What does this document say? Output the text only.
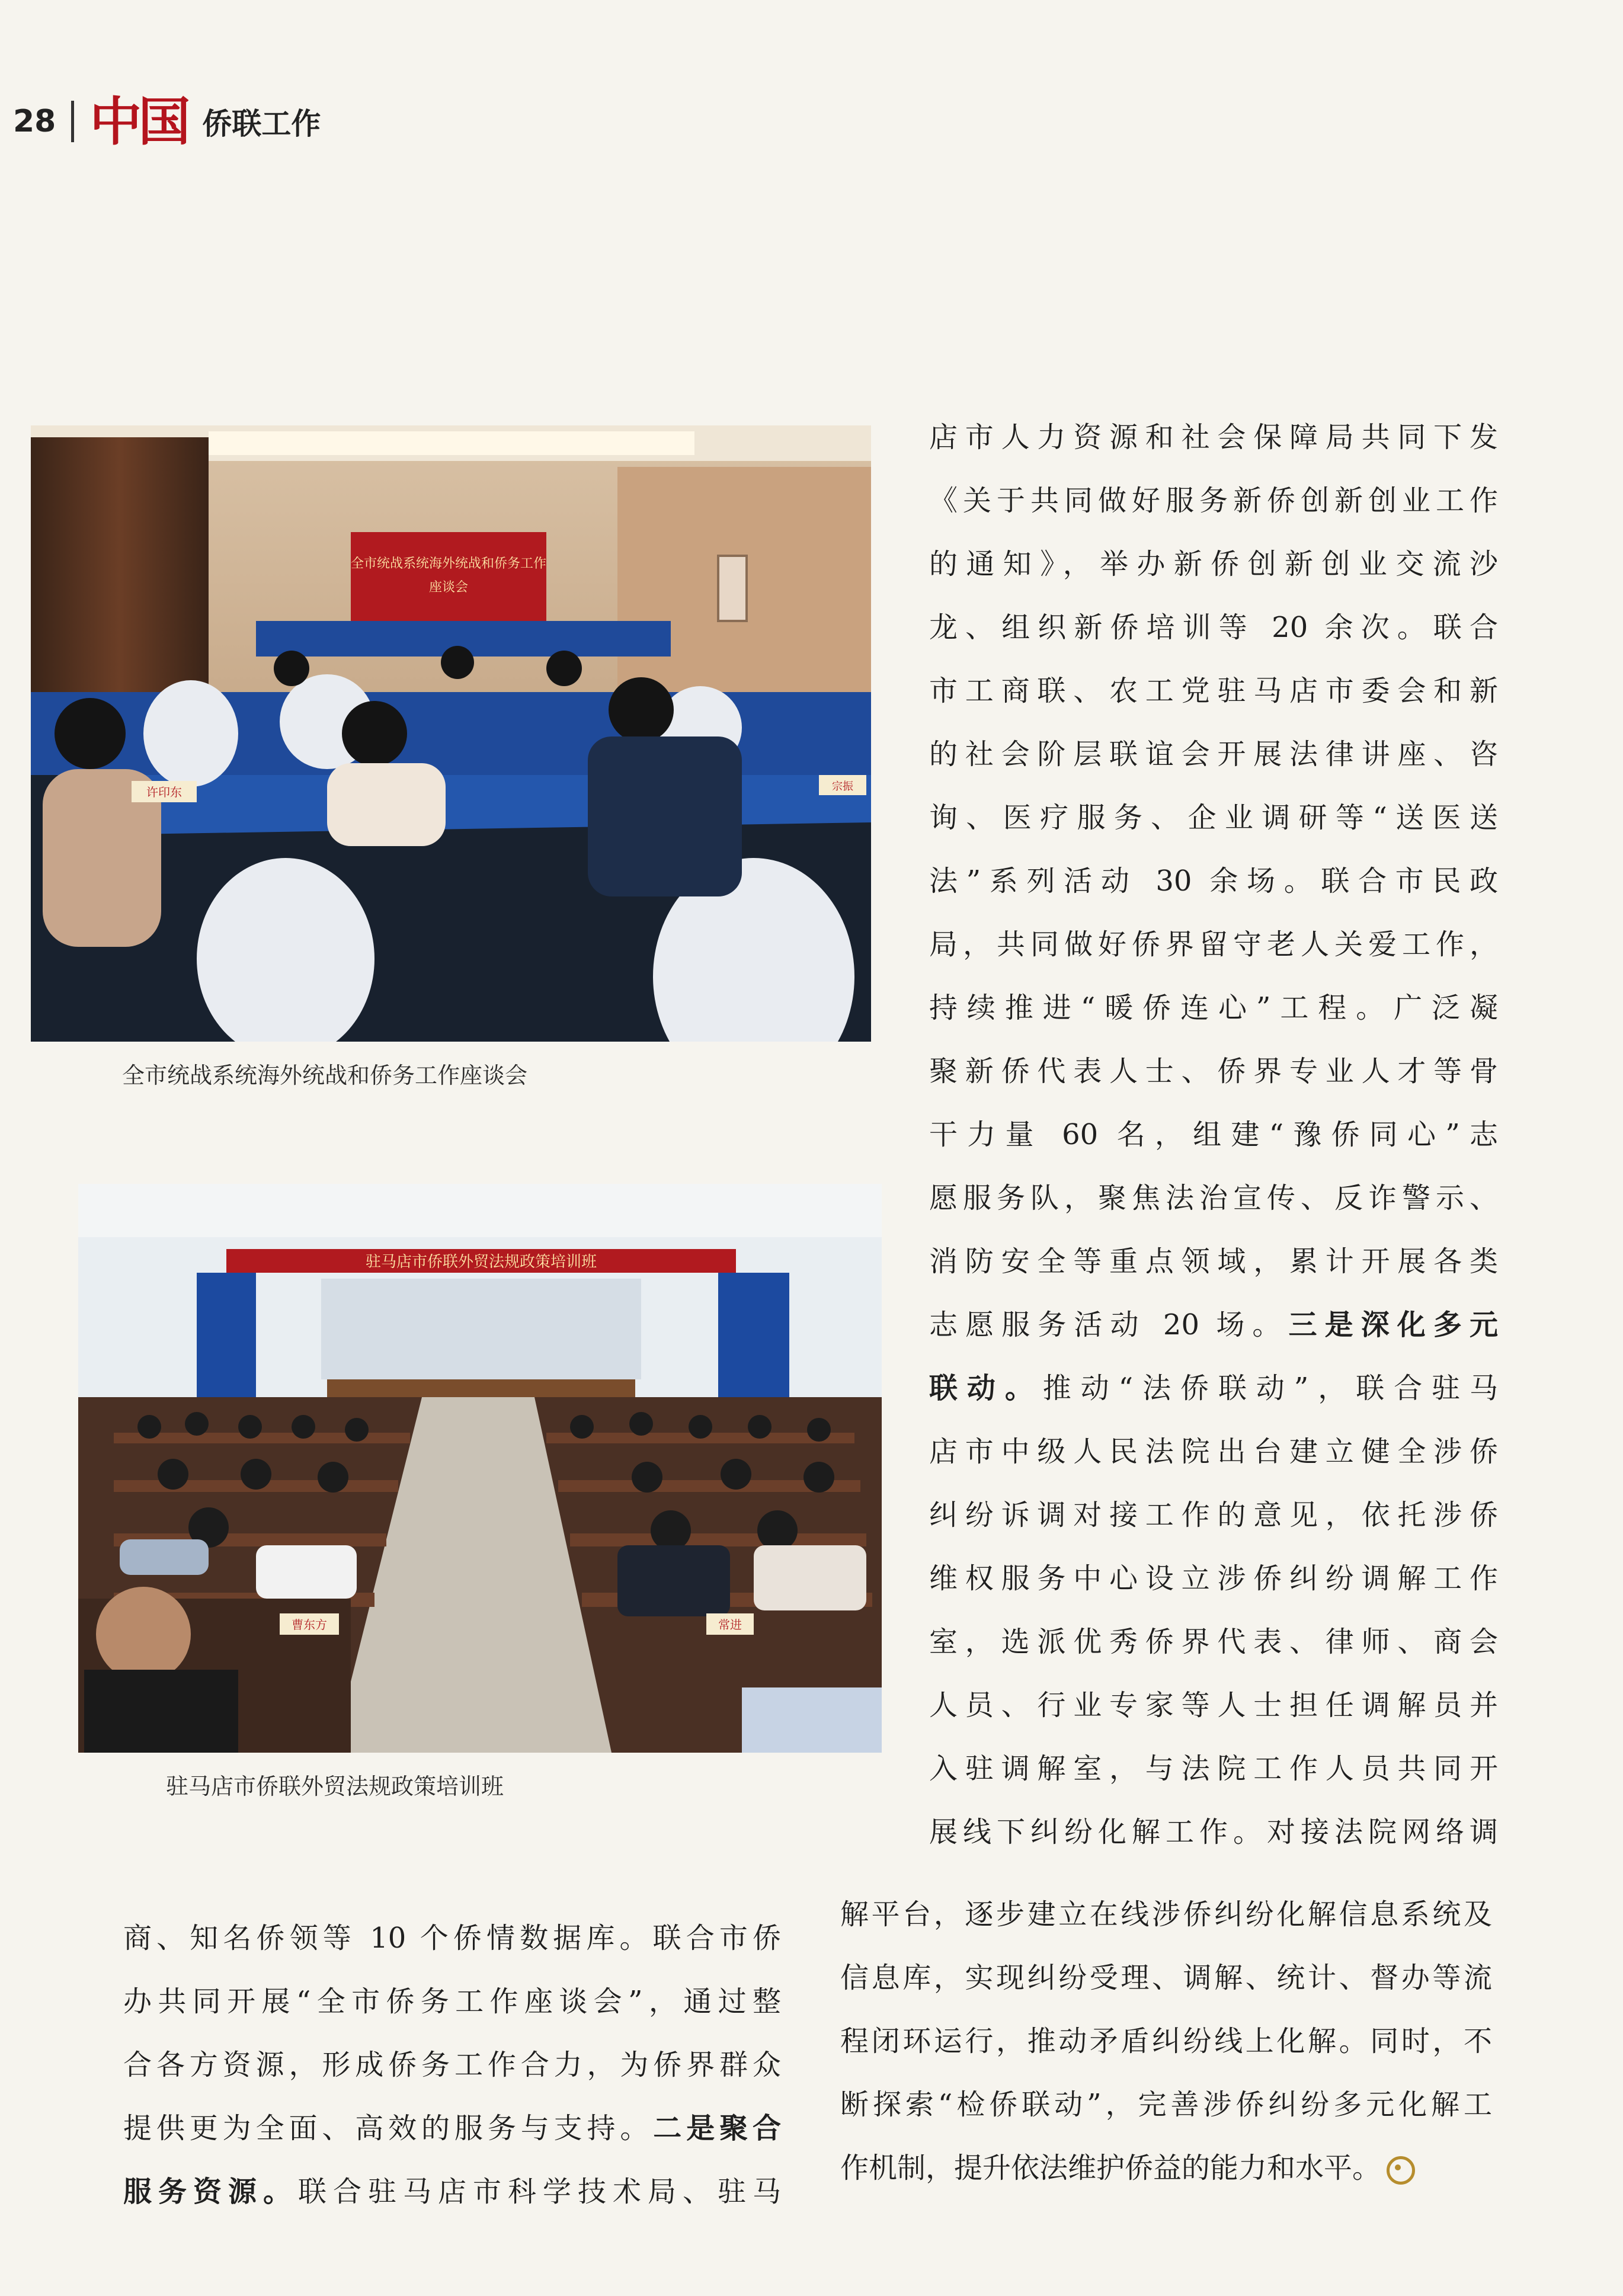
28 中国 侨联工作
全市统战系统海外统战和侨务工作
座谈会
许印东	宗振
全市统战系统海外统战和侨务工作座谈会
驻马店市侨联外贸法规政策培训班
曹东方	常进
驻马店市侨联外贸法规政策培训班
店市人力资源和社会保障局共同下发
《关于共同做好服务新侨创新创业工作
的通知》，举办新侨创新创业交流沙
龙、组织新侨培训等 20 余次。联合
市工商联、农工党驻马店市委会和新
的社会阶层联谊会开展法律讲座、咨
询、医疗服务、企业调研等“送医送
法”系列活动 30 余场。联合市民政
局，共同做好侨界留守老人关爱工作，
持续推进“暖侨连心”工程。广泛凝
聚新侨代表人士、侨界专业人才等骨
干力量 60 名，组建“豫侨同心”志
愿服务队，聚焦法治宣传、反诈警示、
消防安全等重点领域，累计开展各类
志愿服务活动 20 场。三是深化多元
联动。推动“法侨联动”，联合驻马
店市中级人民法院出台建立健全涉侨
纠纷诉调对接工作的意见，依托涉侨
维权服务中心设立涉侨纠纷调解工作
室，选派优秀侨界代表、律师、商会
人员、行业专家等人士担任调解员并
入驻调解室，与法院工作人员共同开
展线下纠纷化解工作。对接法院网络调
解平台，逐步建立在线涉侨纠纷化解信息系统及
信息库，实现纠纷受理、调解、统计、督办等流
程闭环运行，推动矛盾纠纷线上化解。同时，不
断探索“检侨联动”，完善涉侨纠纷多元化解工
作机制，提升依法维护侨益的能力和水平。
商、知名侨领等 10 个侨情数据库。联合市侨
办共同开展“全市侨务工作座谈会”，通过整
合各方资源，形成侨务工作合力，为侨界群众
提供更为全面、高效的服务与支持。二是聚合
服务资源。联合驻马店市科学技术局、驻马
